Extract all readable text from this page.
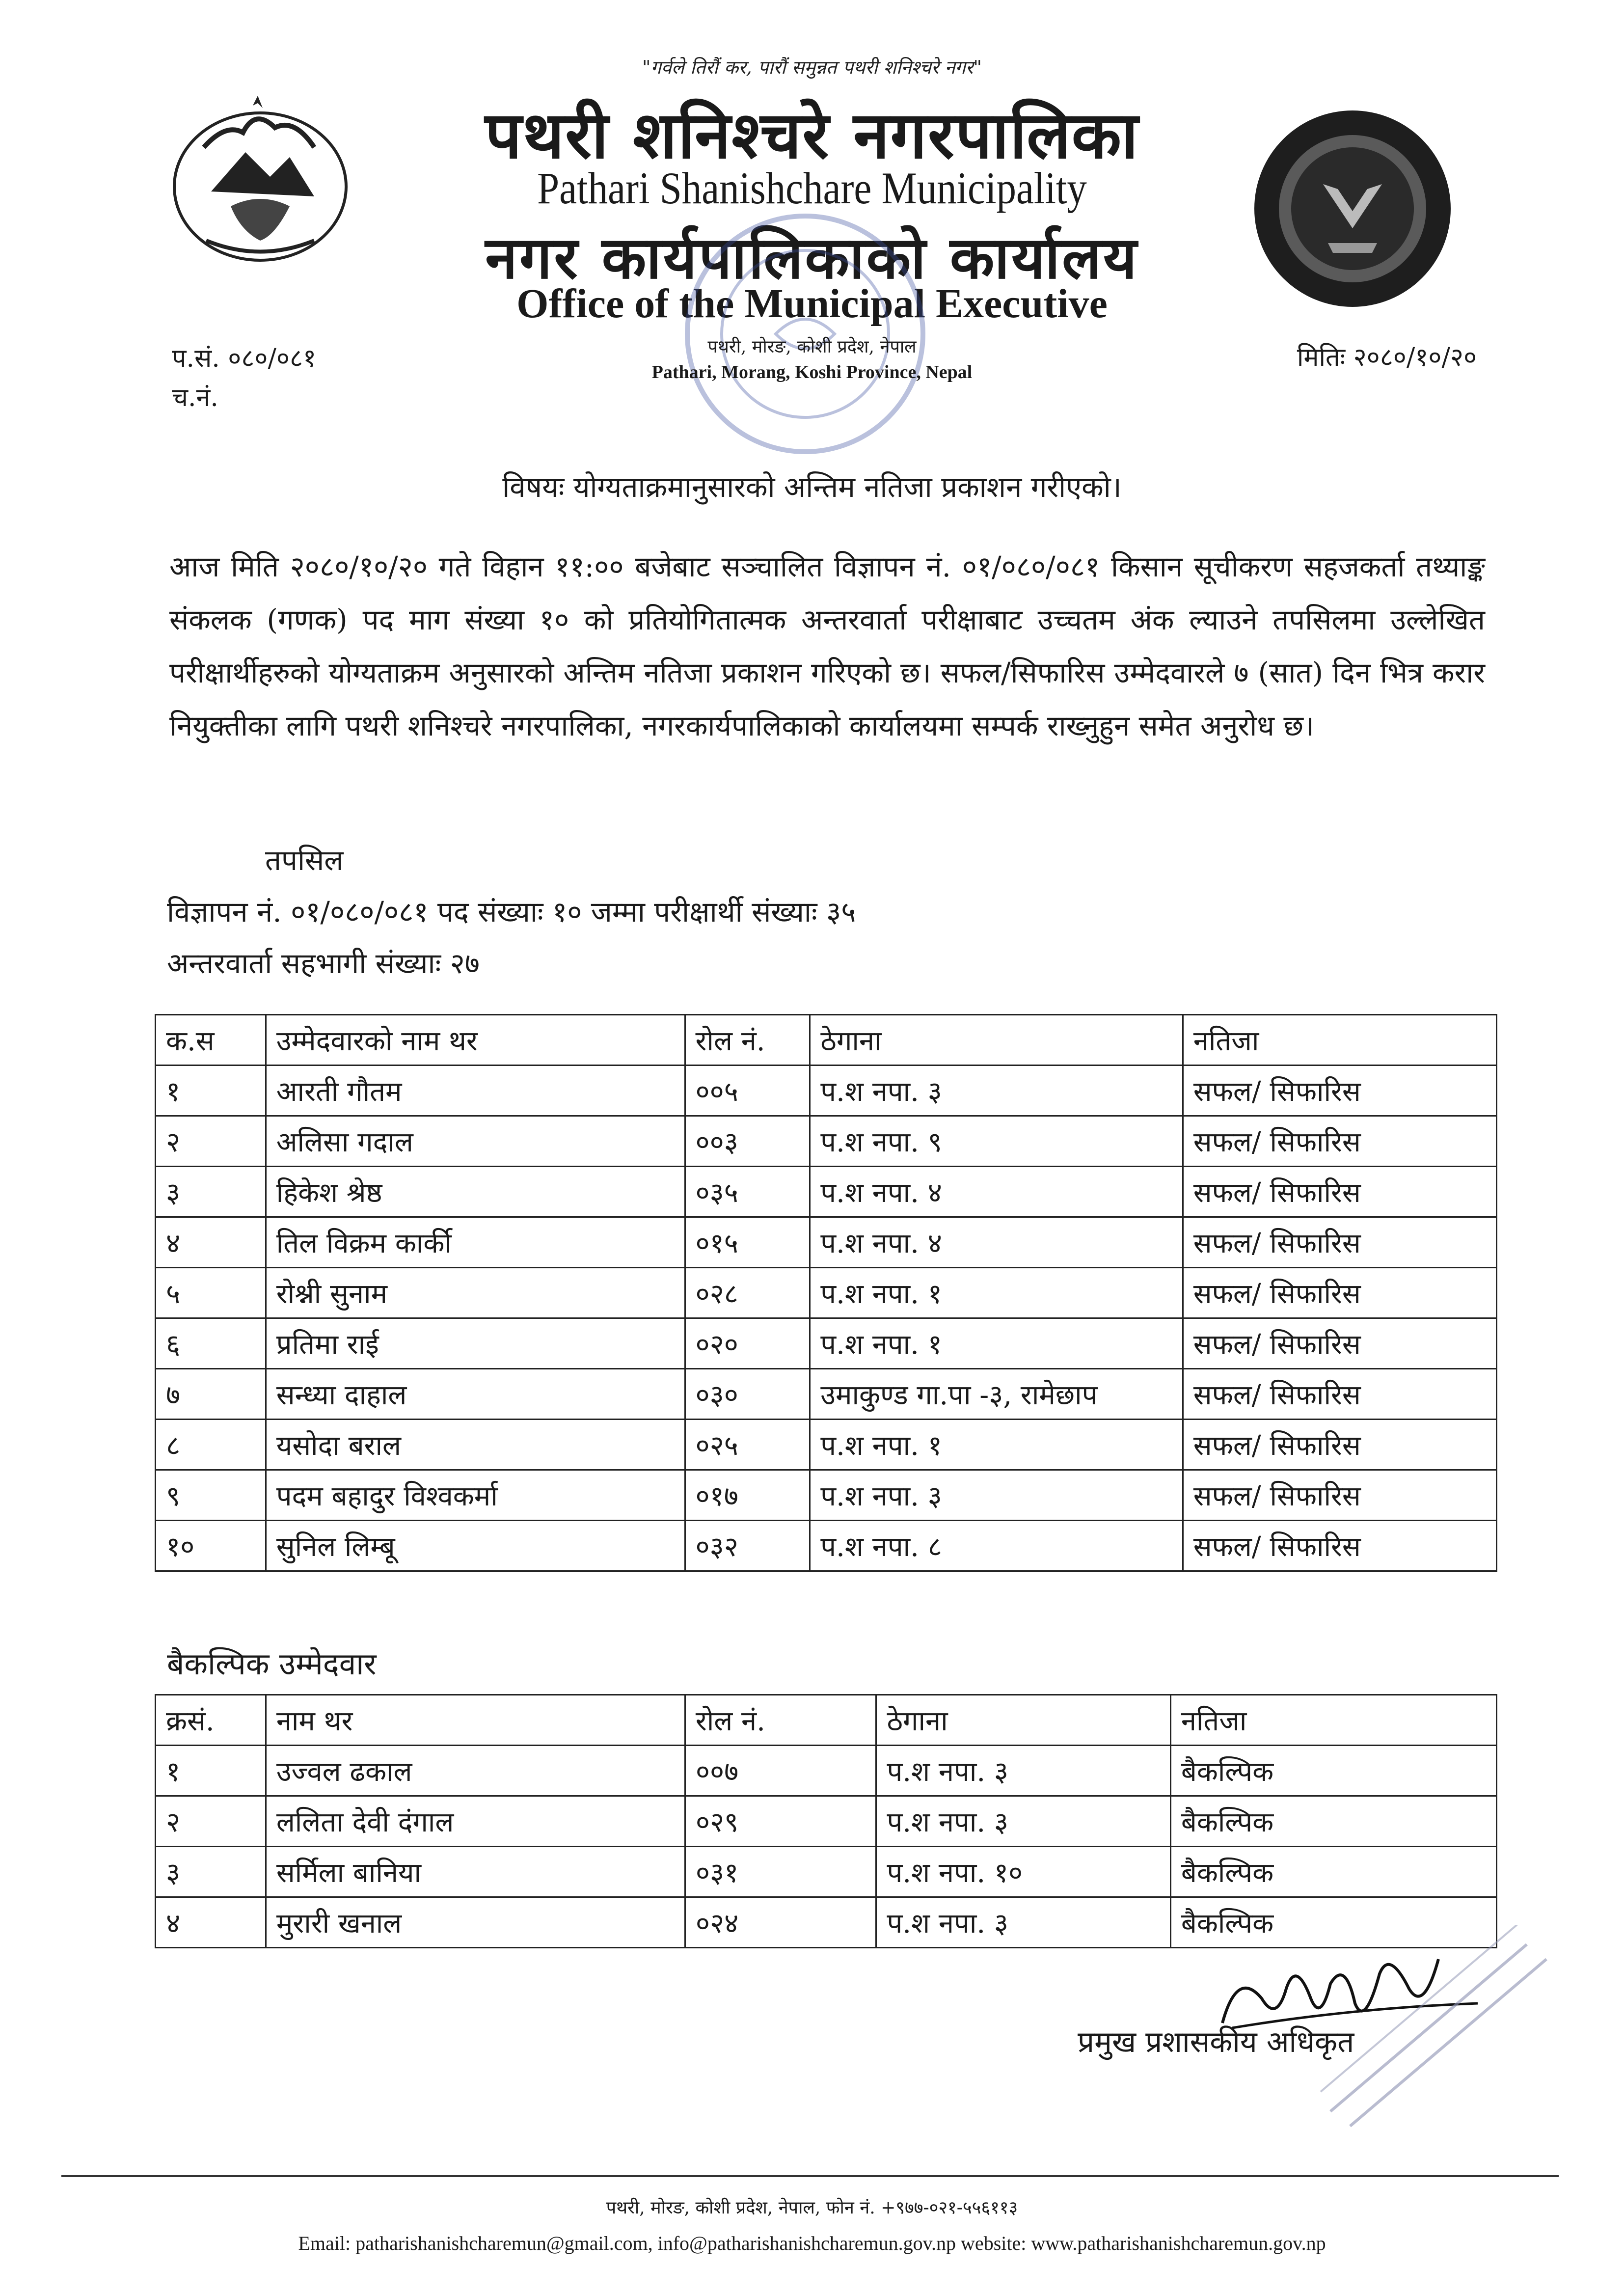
"गर्वले तिरौं कर, पारौं समुन्नत पथरी शनिश्चरे नगर"
पथरी शनिश्चरे नगरपालिका
Pathari Shanishchare Municipality
नगर कार्यपालिकाको कार्यालय
Office of the Municipal Executive
पथरी, मोरङ, कोशी प्रदेश, नेपाल
Pathari, Morang, Koshi Province, Nepal
प.सं. ०८०/०८१
च.नं.
मितिः २०८०/१०/२०
विषयः योग्यताक्रमानुसारको अन्तिम नतिजा प्रकाशन गरीएको।
आज मिति २०८०/१०/२० गते विहान ११:०० बजेबाट सञ्चालित विज्ञापन नं. ०१/०८०/०८१ किसान सूचीकरण सहजकर्ता तथ्याङ्क संकलक (गणक) पद माग संख्या १० को प्रतियोगितात्मक अन्तरवार्ता परीक्षाबाट उच्चतम अंक ल्याउने तपसिलमा उल्लेखित परीक्षार्थीहरुको योग्यताक्रम अनुसारको अन्तिम नतिजा प्रकाशन गरिएको छ। सफल/सिफारिस उम्मेदवारले ७ (सात) दिन भित्र करार नियुक्तीका लागि पथरी शनिश्चरे नगरपालिका, नगरकार्यपालिकाको कार्यालयमा सम्पर्क राख्नुहुन समेत अनुरोध छ।
तपसिल
विज्ञापन नं. ०१/०८०/०८१ पद संख्याः १० जम्मा परीक्षार्थी संख्याः ३५
अन्तरवार्ता सहभागी संख्याः २७
क.स	उम्मेदवारको नाम थर	रोल नं.	ठेगाना	नतिजा
१	आरती गौतम	००५	प.श नपा. ३	सफल/ सिफारिस
२	अलिसा गदाल	००३	प.श नपा. ९	सफल/ सिफारिस
३	हिकेश श्रेष्ठ	०३५	प.श नपा. ४	सफल/ सिफारिस
४	तिल विक्रम कार्की	०१५	प.श नपा. ४	सफल/ सिफारिस
५	रोश्नी सुनाम	०२८	प.श नपा. १	सफल/ सिफारिस
६	प्रतिमा राई	०२०	प.श नपा. १	सफल/ सिफारिस
७	सन्ध्या दाहाल	०३०	उमाकुण्ड गा.पा -३, रामेछाप	सफल/ सिफारिस
८	यसोदा बराल	०२५	प.श नपा. १	सफल/ सिफारिस
९	पदम बहादुर विश्वकर्मा	०१७	प.श नपा. ३	सफल/ सिफारिस
१०	सुनिल लिम्बू	०३२	प.श नपा. ८	सफल/ सिफारिस
बैकल्पिक उम्मेदवार
क्रसं.	नाम थर	रोल नं.	ठेगाना	नतिजा
१	उज्वल ढकाल	००७	प.श नपा. ३	बैकल्पिक
२	ललिता देवी दंगाल	०२९	प.श नपा. ३	बैकल्पिक
३	सर्मिला बानिया	०३१	प.श नपा. १०	बैकल्पिक
४	मुरारी खनाल	०२४	प.श नपा. ३	बैकल्पिक
प्रमुख प्रशासकीय अधिकृत
पथरी, मोरङ, कोशी प्रदेश, नेपाल, फोन नं. +९७७-०२१-५५६११३
Email: patharishanishcharemun@gmail.com, info@patharishanishcharemun.gov.np website: www.patharishanishcharemun.gov.np
